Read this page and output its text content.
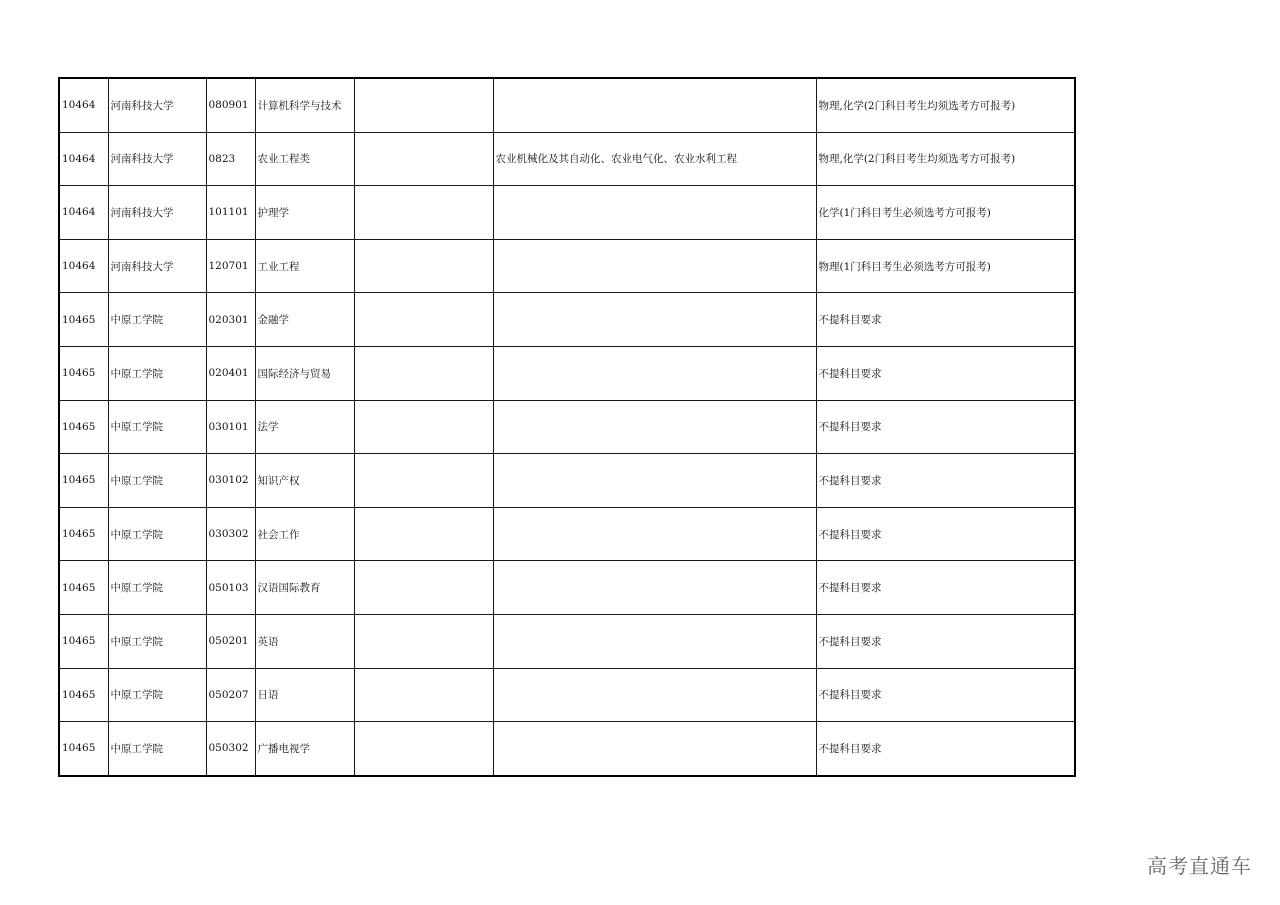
10464	河南科技大学	080901	计算机科学与技术			物理,化学(2门科目考生均须选考方可报考)
10464	河南科技大学	0823	农业工程类		农业机械化及其自动化、农业电气化、农业水利工程	物理,化学(2门科目考生均须选考方可报考)
10464	河南科技大学	101101	护理学			化学(1门科目考生必须选考方可报考)
10464	河南科技大学	120701	工业工程			物理(1门科目考生必须选考方可报考)
10465	中原工学院	020301	金融学			不提科目要求
10465	中原工学院	020401	国际经济与贸易			不提科目要求
10465	中原工学院	030101	法学			不提科目要求
10465	中原工学院	030102	知识产权			不提科目要求
10465	中原工学院	030302	社会工作			不提科目要求
10465	中原工学院	050103	汉语国际教育			不提科目要求
10465	中原工学院	050201	英语			不提科目要求
10465	中原工学院	050207	日语			不提科目要求
10465	中原工学院	050302	广播电视学			不提科目要求
高考直通车
